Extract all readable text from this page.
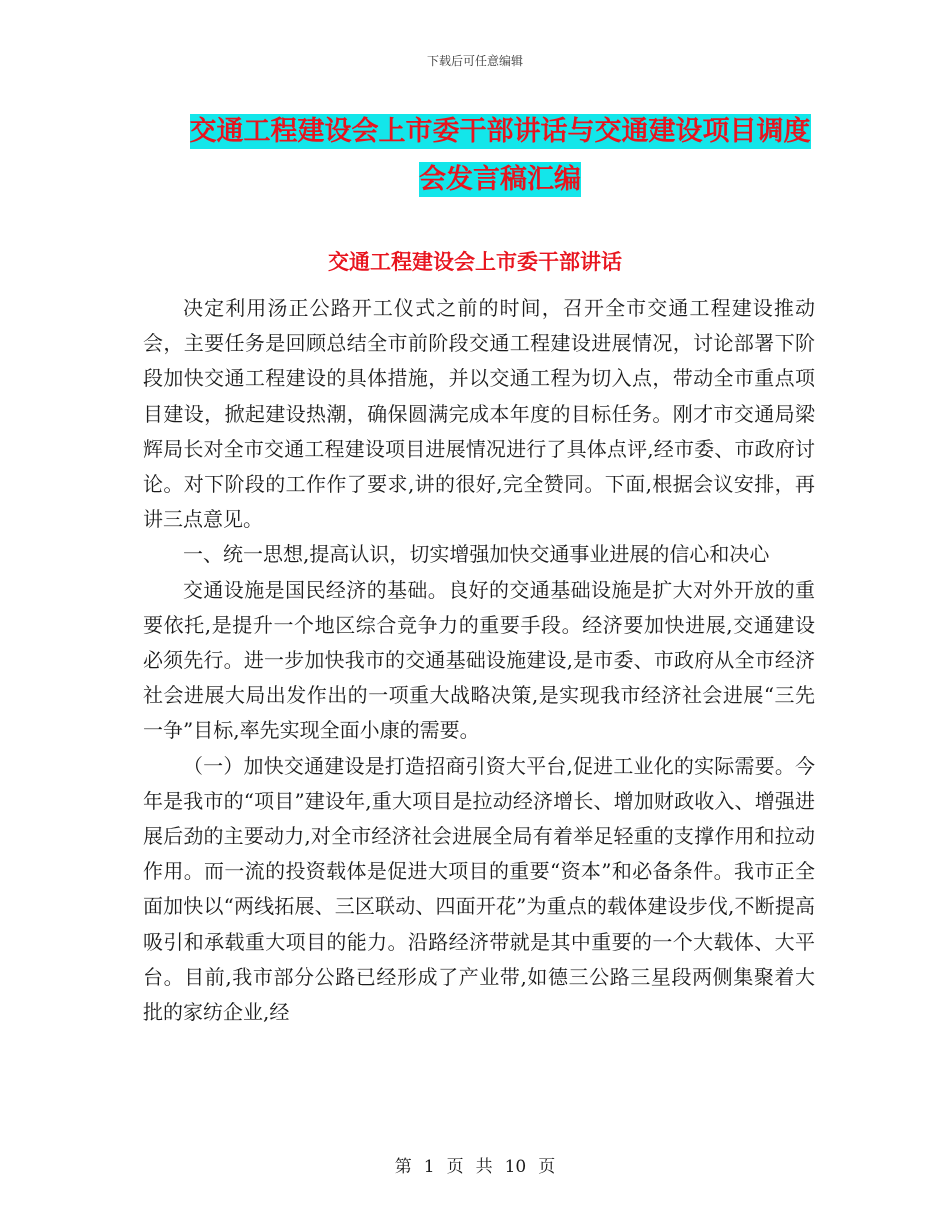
下载后可任意编辑
交通工程建设会上市委干部讲话与交通建设项目调度
会发言稿汇编
交通工程建设会上市委干部讲话

决定利用汤正公路开工仪式之前的时间，召开全市交通工程建设推动会，主要任务是回顾总结全市前阶段交通工程建设进展情况，讨论部署下阶段加快交通工程建设的具体措施，并以交通工程为切入点，带动全市重点项目建设，掀起建设热潮，确保圆满完成本年度的目标任务。刚才市交通局梁辉局长对全市交通工程建设项目进展情况进行了具体点评,经市委、市政府讨论。对下阶段的工作作了要求,讲的很好,完全赞同。下面,根据会议安排，再讲三点意见。

一、统一思想,提高认识，切实增强加快交通事业进展的信心和决心

交通设施是国民经济的基础。良好的交通基础设施是扩大对外开放的重要依托,是提升一个地区综合竞争力的重要手段。经济要加快进展,交通建设必须先行。进一步加快我市的交通基础设施建设,是市委、市政府从全市经济社会进展大局出发作出的一项重大战略决策,是实现我市经济社会进展“三先一争”目标,率先实现全面小康的需要。

（一）加快交通建设是打造招商引资大平台,促进工业化的实际需要。今年是我市的“项目”建设年,重大项目是拉动经济增长、增加财政收入、增强进展后劲的主要动力,对全市经济社会进展全局有着举足轻重的支撑作用和拉动作用。而一流的投资载体是促进大项目的重要“资本”和必备条件。我市正全面加快以“两线拓展、三区联动、四面开花”为重点的载体建设步伐,不断提高吸引和承载重大项目的能力。沿路经济带就是其中重要的一个大载体、大平台。目前,我市部分公路已经形成了产业带,如德三公路三星段两侧集聚着大批的家纺企业,经

第 1 页 共 10 页
